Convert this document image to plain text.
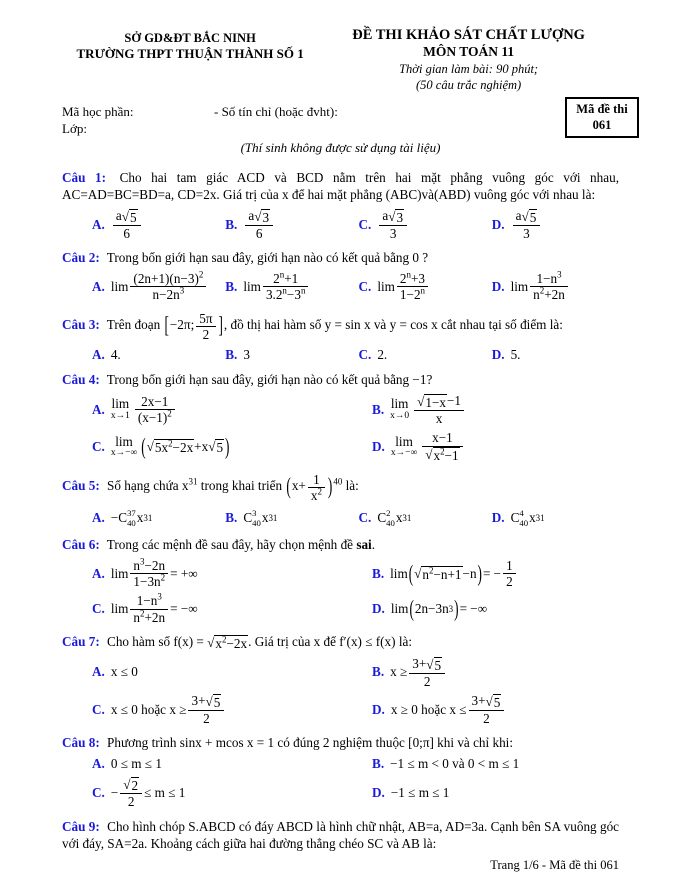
SỞ GD&ĐT BẮC NINH
TRƯỜNG THPT THUẬN THÀNH SỐ 1
ĐỀ THI KHẢO SÁT CHẤT LƯỢNG
MÔN TOÁN 11
Thời gian làm bài: 90 phút;
(50 câu trắc nghiệm)
Mã đề thi
061
Mã học phần:	- Số tín chỉ (hoặc đvht):
Lớp:
(Thí sinh không được sử dụng tài liệu)
Câu 1: Cho hai tam giác ACD và BCD nằm trên hai mặt phẳng vuông góc với nhau, AC=AD=BC=BD=a, CD=2x. Giá trị của x để hai mặt phẳng (ABC)và(ABD) vuông góc với nhau là:
A.
a √ 5
6
B.
a √ 3
6
C.
a √ 3
3
D.
a √ 5
3
Câu 2: Trong bốn giới hạn sau đây, giới hạn nào có kết quả bằng 0 ?
A. lim
$(2n+1)(n-3)^2$
$n-2n^3$	B. lim
$2^n+1$
$3.2^n-3^n$	C. lim
$2^n+3$
$1-2^n$	D. lim
$1-n^3$
$n^2+2n$
Câu 3: Trên đoạn [−2π; $\frac{5\pi}{2}$ ], đồ thị hai hàm số y = sin x và y = cos x cắt nhau tại số điểm là:
A. 4.	B. 3	C. 2.	D. 5.
Câu 4: Trong bốn giới hạn sau đây, giới hạn nào có kết quả bằng −1?
A. lim
x→1
2x−1
$(x-1)^2$	B. lim
x→0
√ 1−x −1
x
C. lim
x→−∞ ( √ $5x^2-2x +x$ √ 5 )	D. lim
x→−∞
x−1
√ $x^2-1$
Câu 5: Số hạng chứa $x^{31}$ trong khai triển $(x+ \frac{1}{x^2} )^{40}$ là:
A. −C 37
40 x 31	B. C 3
40 x 31	C. C 2
40 x 31	D. C 4
40 x 31
Câu 6: Trong các mệnh đề sau đây, hãy chọn mệnh đề sai.
A. lim
$n^3-2n$
$1-3n^2$ = +∞	B. lim ( √ $n^2-n+1 -n$ ) = −
1
2
C. lim
$1-n^3$
$n^2+2n$
= −∞	D. lim ( 2n−3n 3 ) = −∞
Câu 7: Cho hàm số f(x) = √ $x^2-2x$ . Giá trị của x để f′(x) ≤ f(x) là:
A. x ≤ 0	B. x ≥
3+ √ 5
2
C. x ≤ 0 hoặc x ≥
3+ √ 5
2
D. x ≥ 0 hoặc x ≤
3+ √ 5
2
Câu 8: Phương trình sinx + mcos x = 1 có đúng 2 nghiệm thuộc [0;π] khi và chỉ khi:
A. 0 ≤ m ≤ 1	B. −1 ≤ m < 0 và 0 < m ≤ 1
C. −
√ 2
2
≤ m ≤ 1	D. −1 ≤ m ≤ 1
Câu 9: Cho hình chóp S.ABCD có đáy ABCD là hình chữ nhật, AB=a, AD=3a. Cạnh bên SA vuông góc với đáy, SA=2a. Khoảng cách giữa hai đường thẳng chéo SC và AB là:
Trang 1/6 - Mã đề thi 061
